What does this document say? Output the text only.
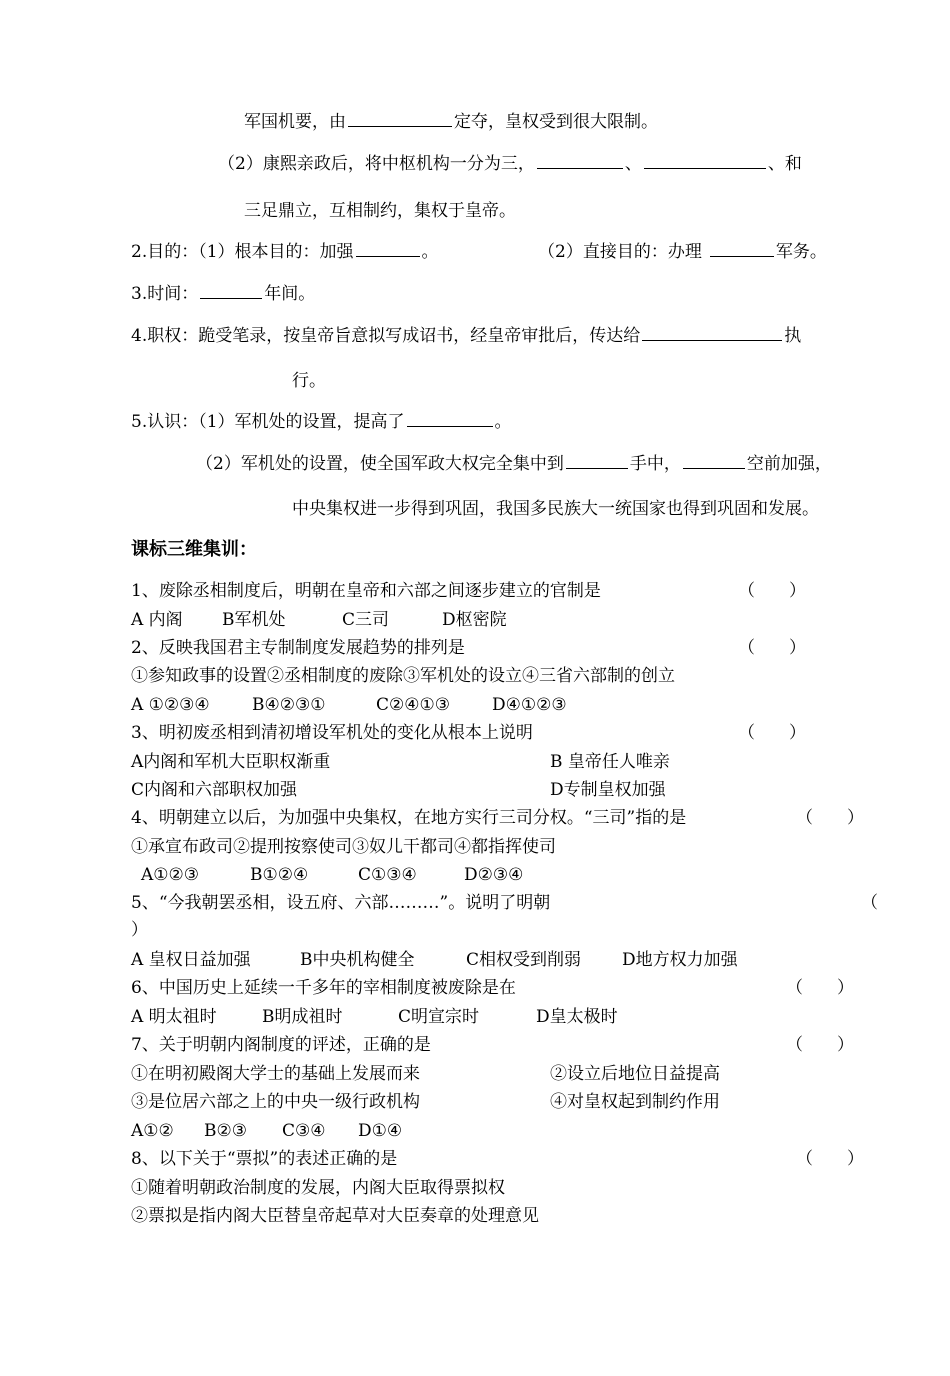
军国机要，由	定夺，皇权受到很大限制。
（2）康熙亲政后，将中枢机构一分为三，	、	、和
三足鼎立，互相制约，集权于皇帝。
2.目的：（1）根本目的：加强	。	（2）直接目的：办理	军务。
3.时间：	年间。
4.职权：跪受笔录，按皇帝旨意拟写成诏书，经皇帝审批后，传达给	执
行。
5.认识：（1）军机处的设置，提高了	。
（2）军机处的设置，使全国军政大权完全集中到	手中，	空前加强，
中央集权进一步得到巩固，我国多民族大一统国家也得到巩固和发展。
课标三维集训：
1、废除丞相制度后，明朝在皇帝和六部之间逐步建立的官制是	（　　）
A 内阁 B军机处	C三司	D枢密院
2、反映我国君主专制制度发展趋势的排列是	（　　）
①参知政事的设置②丞相制度的废除③军机处的设立④三省六部制的创立
A ①②③④ B④②③①	C②④①③ D④①②③
3、明初废丞相到清初增设军机处的变化从根本上说明	（　　）
A内阁和军机大臣职权渐重	B 皇帝任人唯亲
C内阁和六部职权加强	D专制皇权加强
4、明朝建立以后，为加强中央集权，在地方实行三司分权。“三司”指的是	（　　）
①承宣布政司②提刑按察使司③奴儿干都司④都指挥使司
A①②③	B①②④	C①③④	D②③④
5、“今我朝罢丞相，设五府、六部………”。说明了明朝	（
）
A 皇权日益加强	B中央机构健全	C相权受到削弱 D地方权力加强
6、中国历史上延续一千多年的宰相制度被废除是在	（　　）
A 明太祖时	B明成祖时	C明宣宗时	D皇太极时
7、关于明朝内阁制度的评述，正确的是	（　　）
①在明初殿阁大学士的基础上发展而来	②设立后地位日益提高
③是位居六部之上的中央一级行政机构	④对皇权起到制约作用
A①② B②③ C③④ D①④
8、以下关于“票拟”的表述正确的是	（　　）
①随着明朝政治制度的发展，内阁大臣取得票拟权
②票拟是指内阁大臣替皇帝起草对大臣奏章的处理意见
